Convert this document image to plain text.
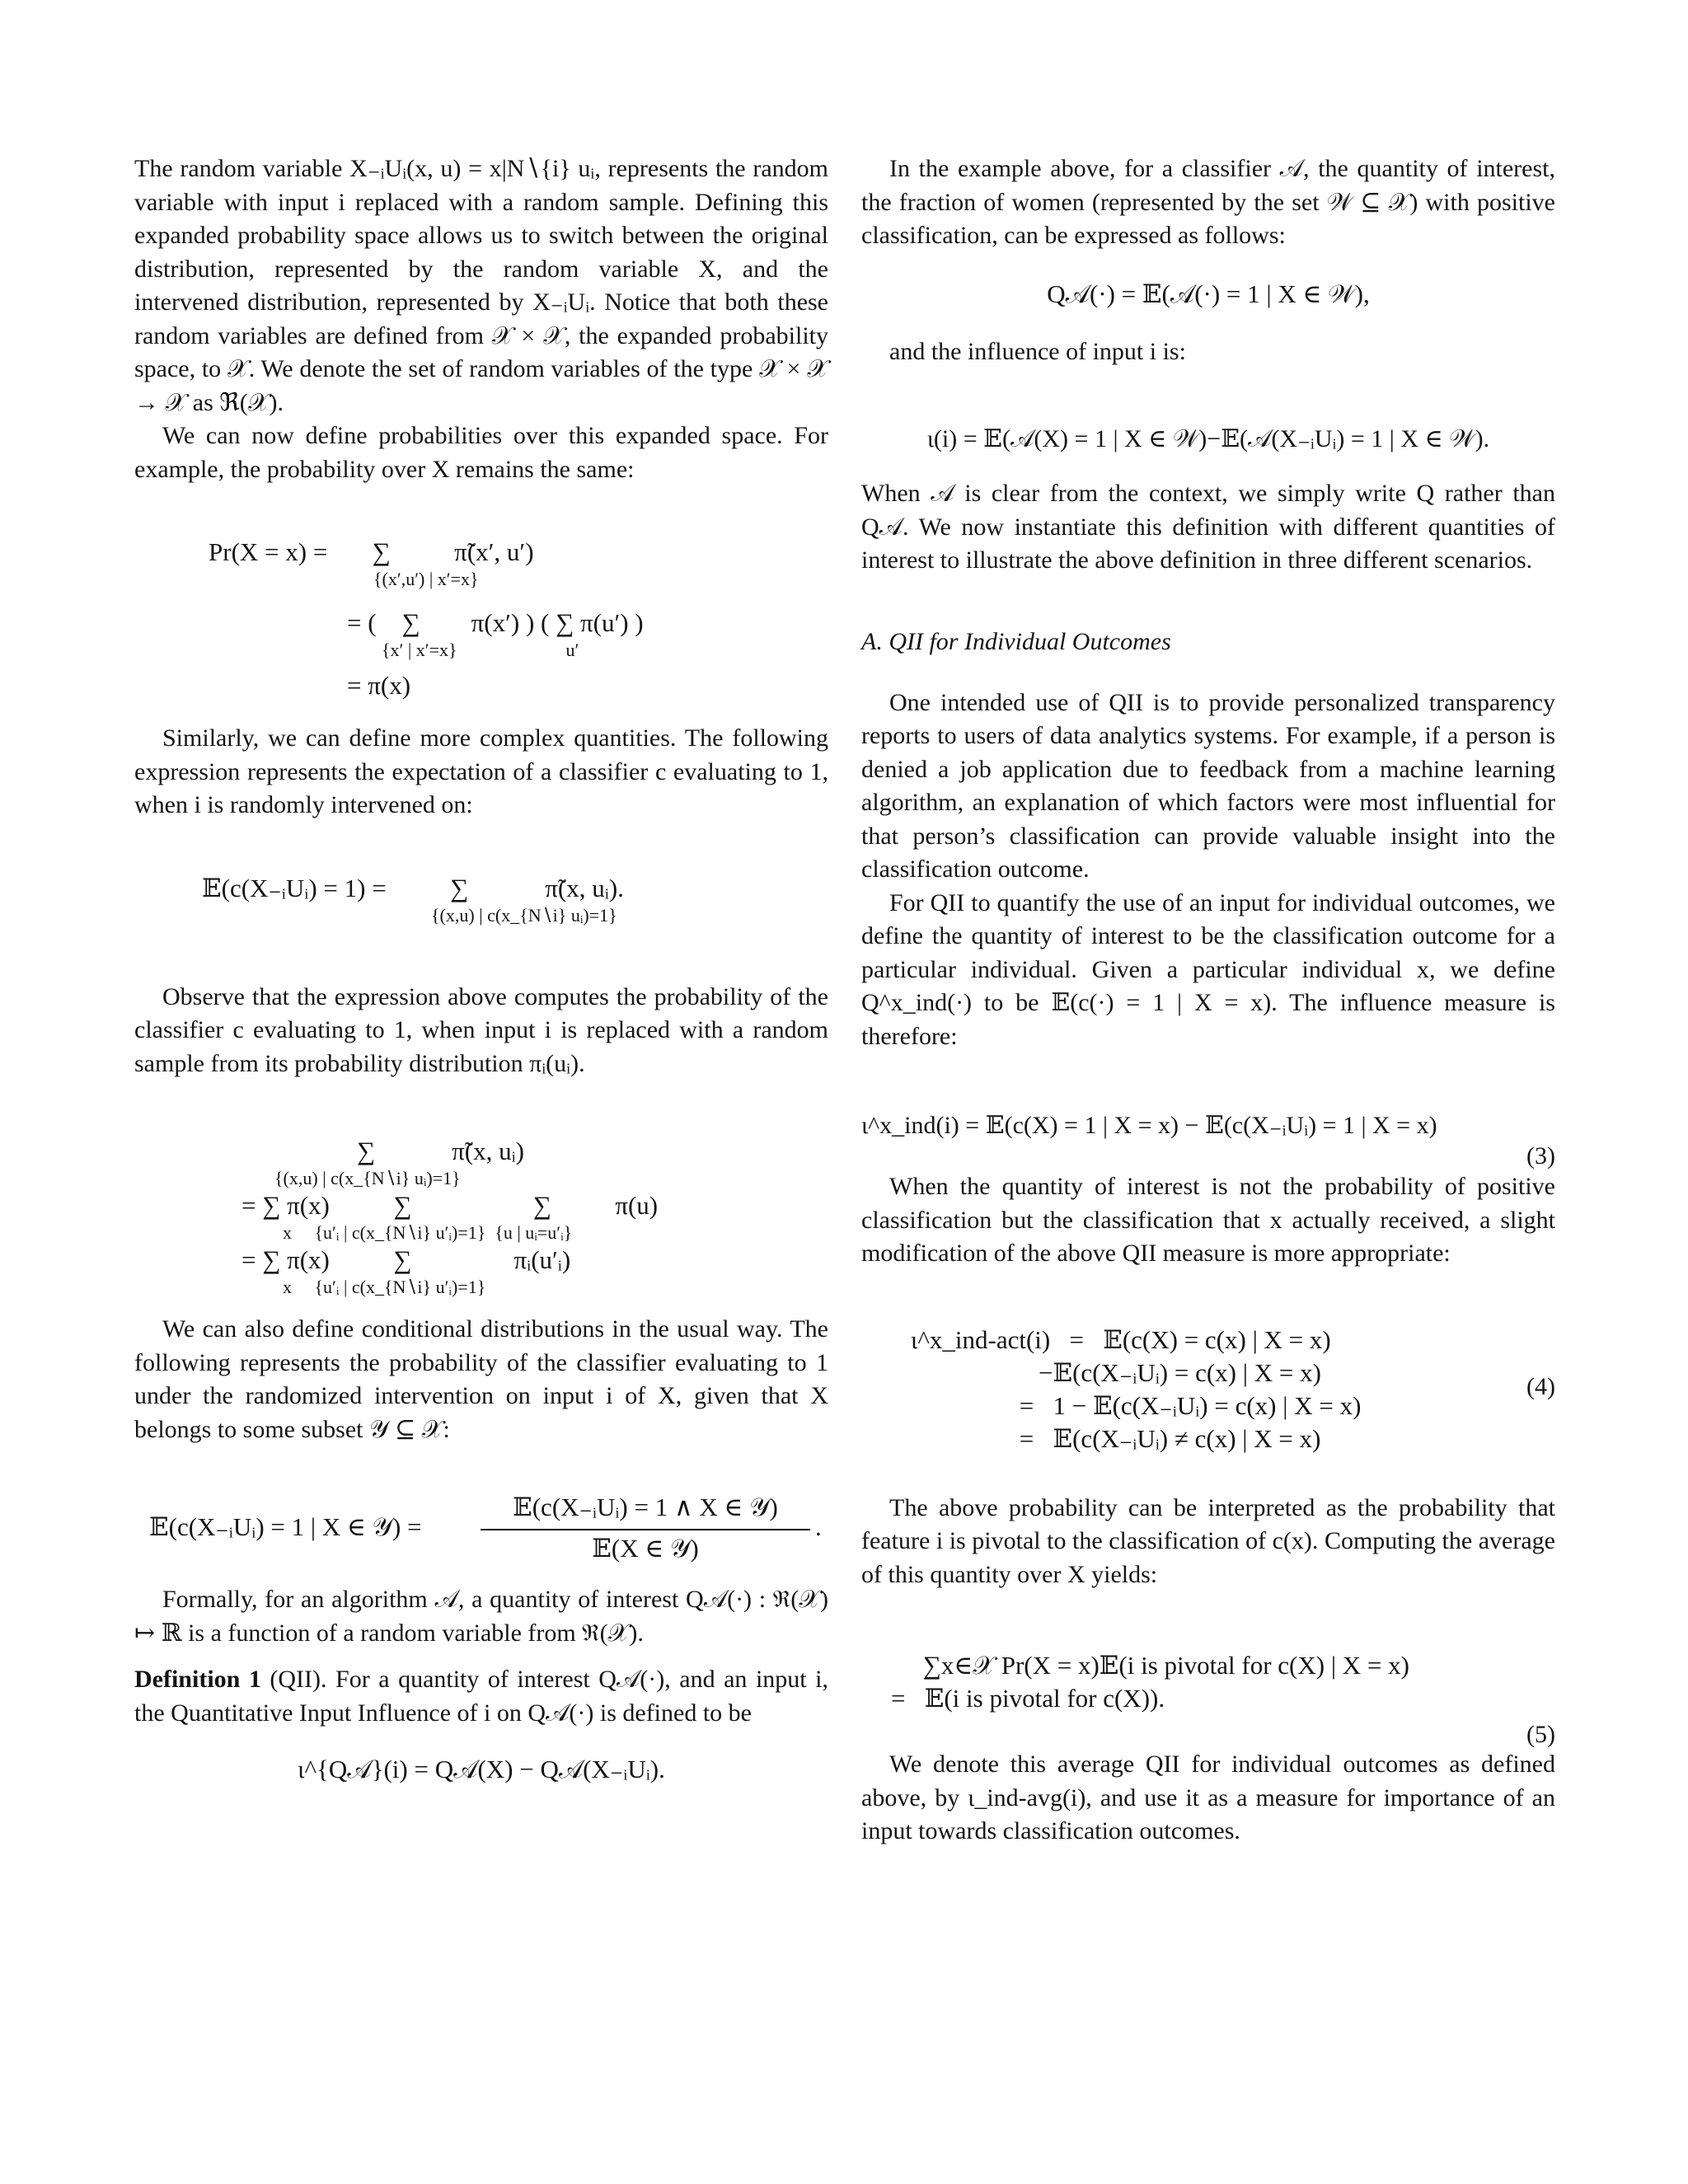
The random variable X₋ᵢUᵢ(x, u) = x|N∖{i} uᵢ, represents the random variable with input i replaced with a random sample. Defining this expanded probability space allows us to switch between the original distribution, represented by the random variable X, and the intervened distribution, represented by X₋ᵢUᵢ. Notice that both these random variables are defined from 𝒳 × 𝒳, the expanded probability space, to 𝒳. We denote the set of random variables of the type 𝒳 × 𝒳 → 𝒳 as ℜ(𝒳).

We can now define probabilities over this expanded space. For example, the probability over X remains the same:

Pr(X = x) =       ∑          π̃(x′, u′)
{(x′,u′) | x′=x}
= (    ∑        π(x′) ) ( ∑ π(u′) )
{x′ | x′=x}                        u′
= π(x)

Similarly, we can define more complex quantities. The following expression represents the expectation of a classifier c evaluating to 1, when i is randomly intervened on:

𝔼(c(X₋ᵢUᵢ) = 1) =          ∑            π̃(x, uᵢ).
{(x,u) | c(x_{N∖i} uᵢ)=1}

Observe that the expression above computes the probability of the classifier c evaluating to 1, when input i is replaced with a random sample from its probability distribution πᵢ(uᵢ).

∑            π̃(x, uᵢ)
{(x,u) | c(x_{N∖i} uᵢ)=1}
= ∑ π(x)          ∑                   ∑          π(u)
x     {u′ᵢ | c(x_{N∖i} u′ᵢ)=1}  {u | uᵢ=u′ᵢ}
= ∑ π(x)          ∑                πᵢ(u′ᵢ)
x     {u′ᵢ | c(x_{N∖i} u′ᵢ)=1}

We can also define conditional distributions in the usual way. The following represents the probability of the classifier evaluating to 1 under the randomized intervention on input i of X, given that X belongs to some subset 𝒴 ⊆ 𝒳:

𝔼(c(X₋ᵢUᵢ) = 1 | X ∈ 𝒴) =
𝔼(c(X₋ᵢUᵢ) = 1 ∧ X ∈ 𝒴)
𝔼(X ∈ 𝒴)
.

Formally, for an algorithm 𝒜, a quantity of interest Q𝒜(·) : ℜ(𝒳) ↦ ℝ is a function of a random variable from ℜ(𝒳).

Definition 1 (QII). For a quantity of interest Q𝒜(·), and an input i, the Quantitative Input Influence of i on Q𝒜(·) is defined to be

ι^{Q𝒜}(i) = Q𝒜(X) − Q𝒜(X₋ᵢUᵢ).

In the example above, for a classifier 𝒜, the quantity of interest, the fraction of women (represented by the set 𝒲 ⊆ 𝒳) with positive classification, can be expressed as follows:

Q𝒜(·) = 𝔼(𝒜(·) = 1 | X ∈ 𝒲),

and the influence of input i is:

ι(i) = 𝔼(𝒜(X) = 1 | X ∈ 𝒲)−𝔼(𝒜(X₋ᵢUᵢ) = 1 | X ∈ 𝒲).

When 𝒜 is clear from the context, we simply write Q rather than Q𝒜. We now instantiate this definition with different quantities of interest to illustrate the above definition in three different scenarios.

A. QII for Individual Outcomes

One intended use of QII is to provide personalized transparency reports to users of data analytics systems. For example, if a person is denied a job application due to feedback from a machine learning algorithm, an explanation of which factors were most influential for that person’s classification can provide valuable insight into the classification outcome.

For QII to quantify the use of an input for individual outcomes, we define the quantity of interest to be the classification outcome for a particular individual. Given a particular individual x, we define Q^x_ind(·) to be 𝔼(c(·) = 1 | X = x). The influence measure is therefore:

ι^x_ind(i) = 𝔼(c(X) = 1 | X = x) − 𝔼(c(X₋ᵢUᵢ) = 1 | X = x)

(3)

When the quantity of interest is not the probability of positive classification but the classification that x actually received, a slight modification of the above QII measure is more appropriate:

ι^x_ind-act(i)   =   𝔼(c(X) = c(x) | X = x)
−𝔼(c(X₋ᵢUᵢ) = c(x) | X = x)
=   1 − 𝔼(c(X₋ᵢUᵢ) = c(x) | X = x)
=   𝔼(c(X₋ᵢUᵢ) ≠ c(x) | X = x)
(4)

The above probability can be interpreted as the probability that feature i is pivotal to the classification of c(x). Computing the average of this quantity over X yields:

∑x∈𝒳 Pr(X = x)𝔼(i is pivotal for c(X) | X = x)
=   𝔼(i is pivotal for c(X)).

(5)

We denote this average QII for individual outcomes as defined above, by ι_ind-avg(i), and use it as a measure for importance of an input towards classification outcomes.
